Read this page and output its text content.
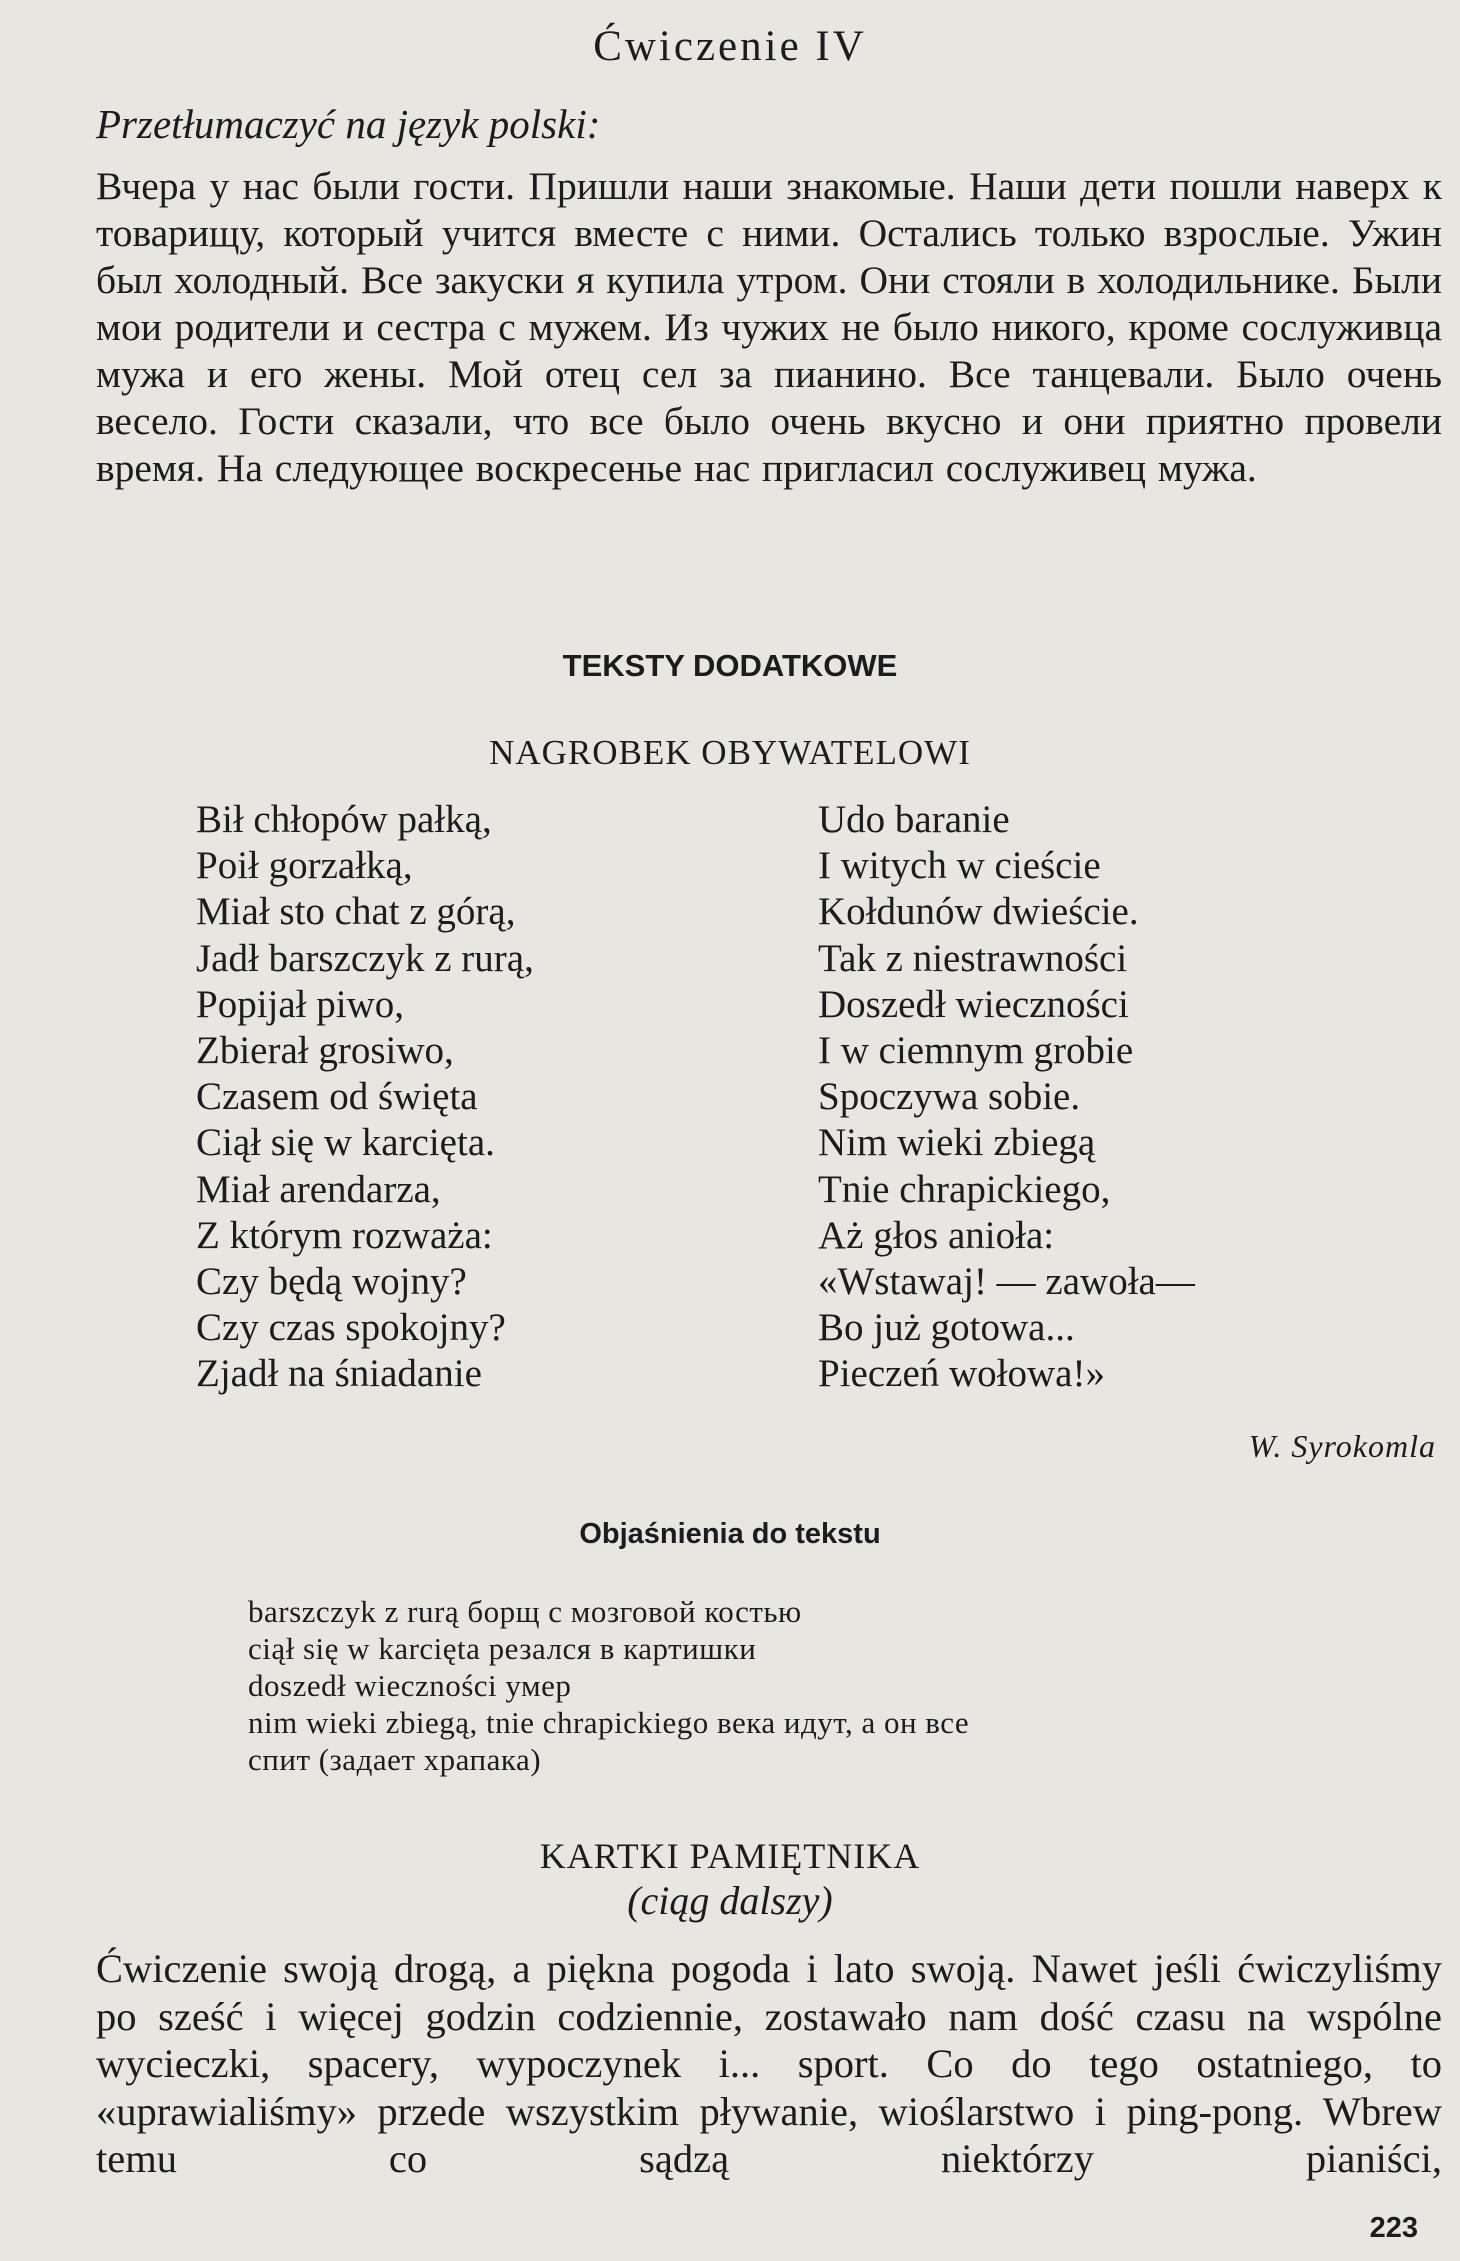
Ćwiczenie IV
Przetłumaczyć na język polski:
Вчера у нас были гости. Пришли наши знакомые. Наши дети пошли наверх к товарищу, который учится вместе с ними. Остались только взрослые. Ужин был холодный. Все закуски я купила утром. Они стояли в холодильнике. Были мои родители и сестра с мужем. Из чужих не было никого, кроме сослуживца мужа и его жены. Мой отец сел за пианино. Все танцевали. Было очень весело. Гости сказали, что все было очень вкусно и они приятно провели время. На следующее воскресенье нас пригласил сослуживец мужа.
TEKSTY DODATKOWE
NAGROBEK OBYWATELOWI
Bił chłopów pałką,
Poił gorzałką,
Miał sto chat z górą,
Jadł barszczyk z rurą,
Popijał piwo,
Zbierał grosiwo,
Czasem od święta
Ciął się w karcięta.
Miał arendarza,
Z którym rozważa:
Czy będą wojny?
Czy czas spokojny?
Zjadł na śniadanie
Udo baranie
I witych w cieście
Kołdunów dwieście.
Tak z niestrawności
Doszedł wieczności
I w ciemnym grobie
Spoczywa sobie.
Nim wieki zbiegą
Tnie chrapickiego,
Aż głos anioła:
«Wstawaj! — zawoła—
Bo już gotowa...
Pieczeń wołowa!»
W. Syrokomla
Objaśnienia do tekstu
barszczyk z rurą борщ с мозговой костью
ciął się w karcięta резался в картишки
doszedł wieczności умер
nim wieki zbiegą, tnie chrapickiego века идут, а он все
спит (задает храпака)
KARTKI PAMIĘTNIKA
(ciąg dalszy)
Ćwiczenie swoją drogą, a piękna pogoda i lato swoją. Nawet jeśli ćwiczyliśmy po sześć i więcej godzin codziennie, zostawało nam dość czasu na wspólne wycieczki, spacery, wypoczynek i... sport. Co do tego ostatniego, to «uprawialiśmy» przede wszystkim pływanie, wioślarstwo i ping-pong. Wbrew temu co sądzą niektórzy pianiści,
223
